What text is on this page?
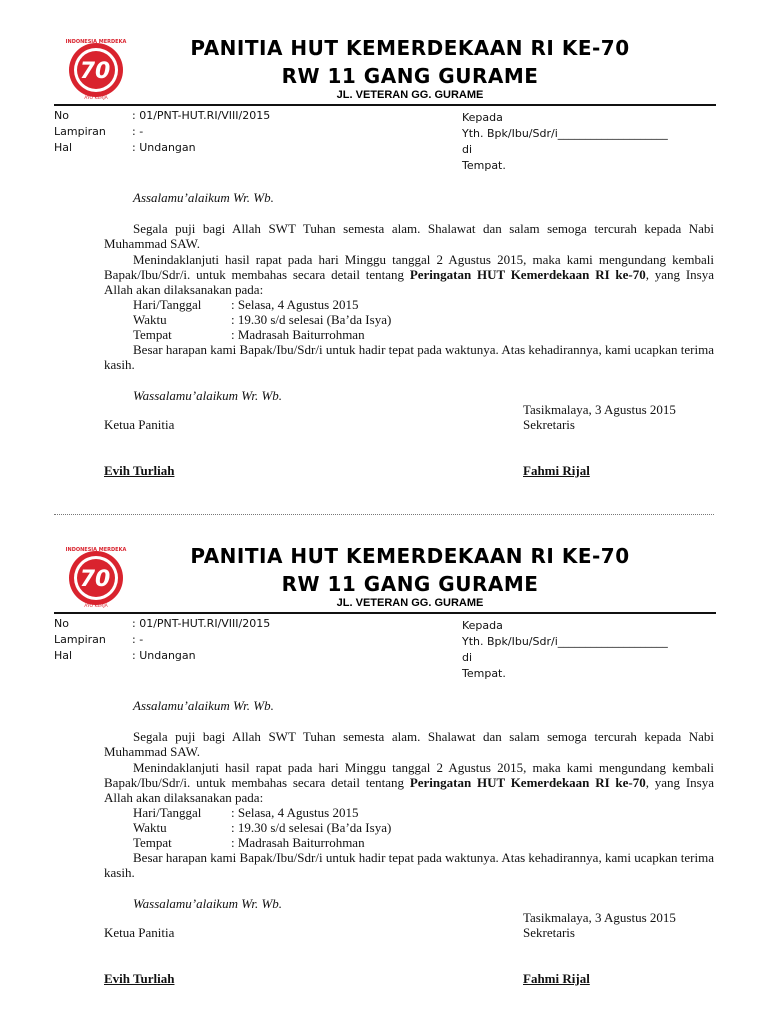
70
INDONESIA MERDEKA
AYO KERJA
PANITIA HUT KEMERDEKAAN RI KE-70
RW 11 GANG GURAME
JL. VETERAN GG. GURAME
No	: 01/PNT-HUT.RI/VIII/2015
Lampiran : -
Hal	: Undangan
Kepada
Yth. Bpk/Ibu/Sdr/i____________________
di
Tempat.
Assalamu’alaikum Wr. Wb.
Segala puji bagi Allah SWT Tuhan semesta alam. Shalawat dan salam semoga tercurah kepada Nabi Muhammad SAW.
Menindaklanjuti hasil rapat pada hari Minggu tanggal 2 Agustus 2015, maka kami mengundang kembali Bapak/Ibu/Sdr/i. untuk membahas secara detail tentang Peringatan HUT Kemerdekaan RI ke-70, yang Insya Allah akan dilaksanakan pada:
Hari/Tanggal : Selasa, 4 Agustus 2015
Waktu	: 19.30 s/d selesai (Ba’da Isya)
Tempat	: Madrasah Baiturrohman
Besar harapan kami Bapak/Ibu/Sdr/i untuk hadir tepat pada waktunya. Atas kehadirannya, kami ucapkan terima kasih.
Wassalamu’alaikum Wr. Wb.
Tasikmalaya, 3 Agustus 2015
Ketua Panitia	Sekretaris
Evih Turliah	Fahmi Rijal
70
INDONESIA MERDEKA
AYO KERJA
PANITIA HUT KEMERDEKAAN RI KE-70
RW 11 GANG GURAME
JL. VETERAN GG. GURAME
No	: 01/PNT-HUT.RI/VIII/2015
Lampiran : -
Hal	: Undangan
Kepada
Yth. Bpk/Ibu/Sdr/i____________________
di
Tempat.
Assalamu’alaikum Wr. Wb.
Segala puji bagi Allah SWT Tuhan semesta alam. Shalawat dan salam semoga tercurah kepada Nabi Muhammad SAW.
Menindaklanjuti hasil rapat pada hari Minggu tanggal 2 Agustus 2015, maka kami mengundang kembali Bapak/Ibu/Sdr/i. untuk membahas secara detail tentang Peringatan HUT Kemerdekaan RI ke-70, yang Insya Allah akan dilaksanakan pada:
Hari/Tanggal : Selasa, 4 Agustus 2015
Waktu	: 19.30 s/d selesai (Ba’da Isya)
Tempat	: Madrasah Baiturrohman
Besar harapan kami Bapak/Ibu/Sdr/i untuk hadir tepat pada waktunya. Atas kehadirannya, kami ucapkan terima kasih.
Wassalamu’alaikum Wr. Wb.
Tasikmalaya, 3 Agustus 2015
Ketua Panitia	Sekretaris
Evih Turliah	Fahmi Rijal
